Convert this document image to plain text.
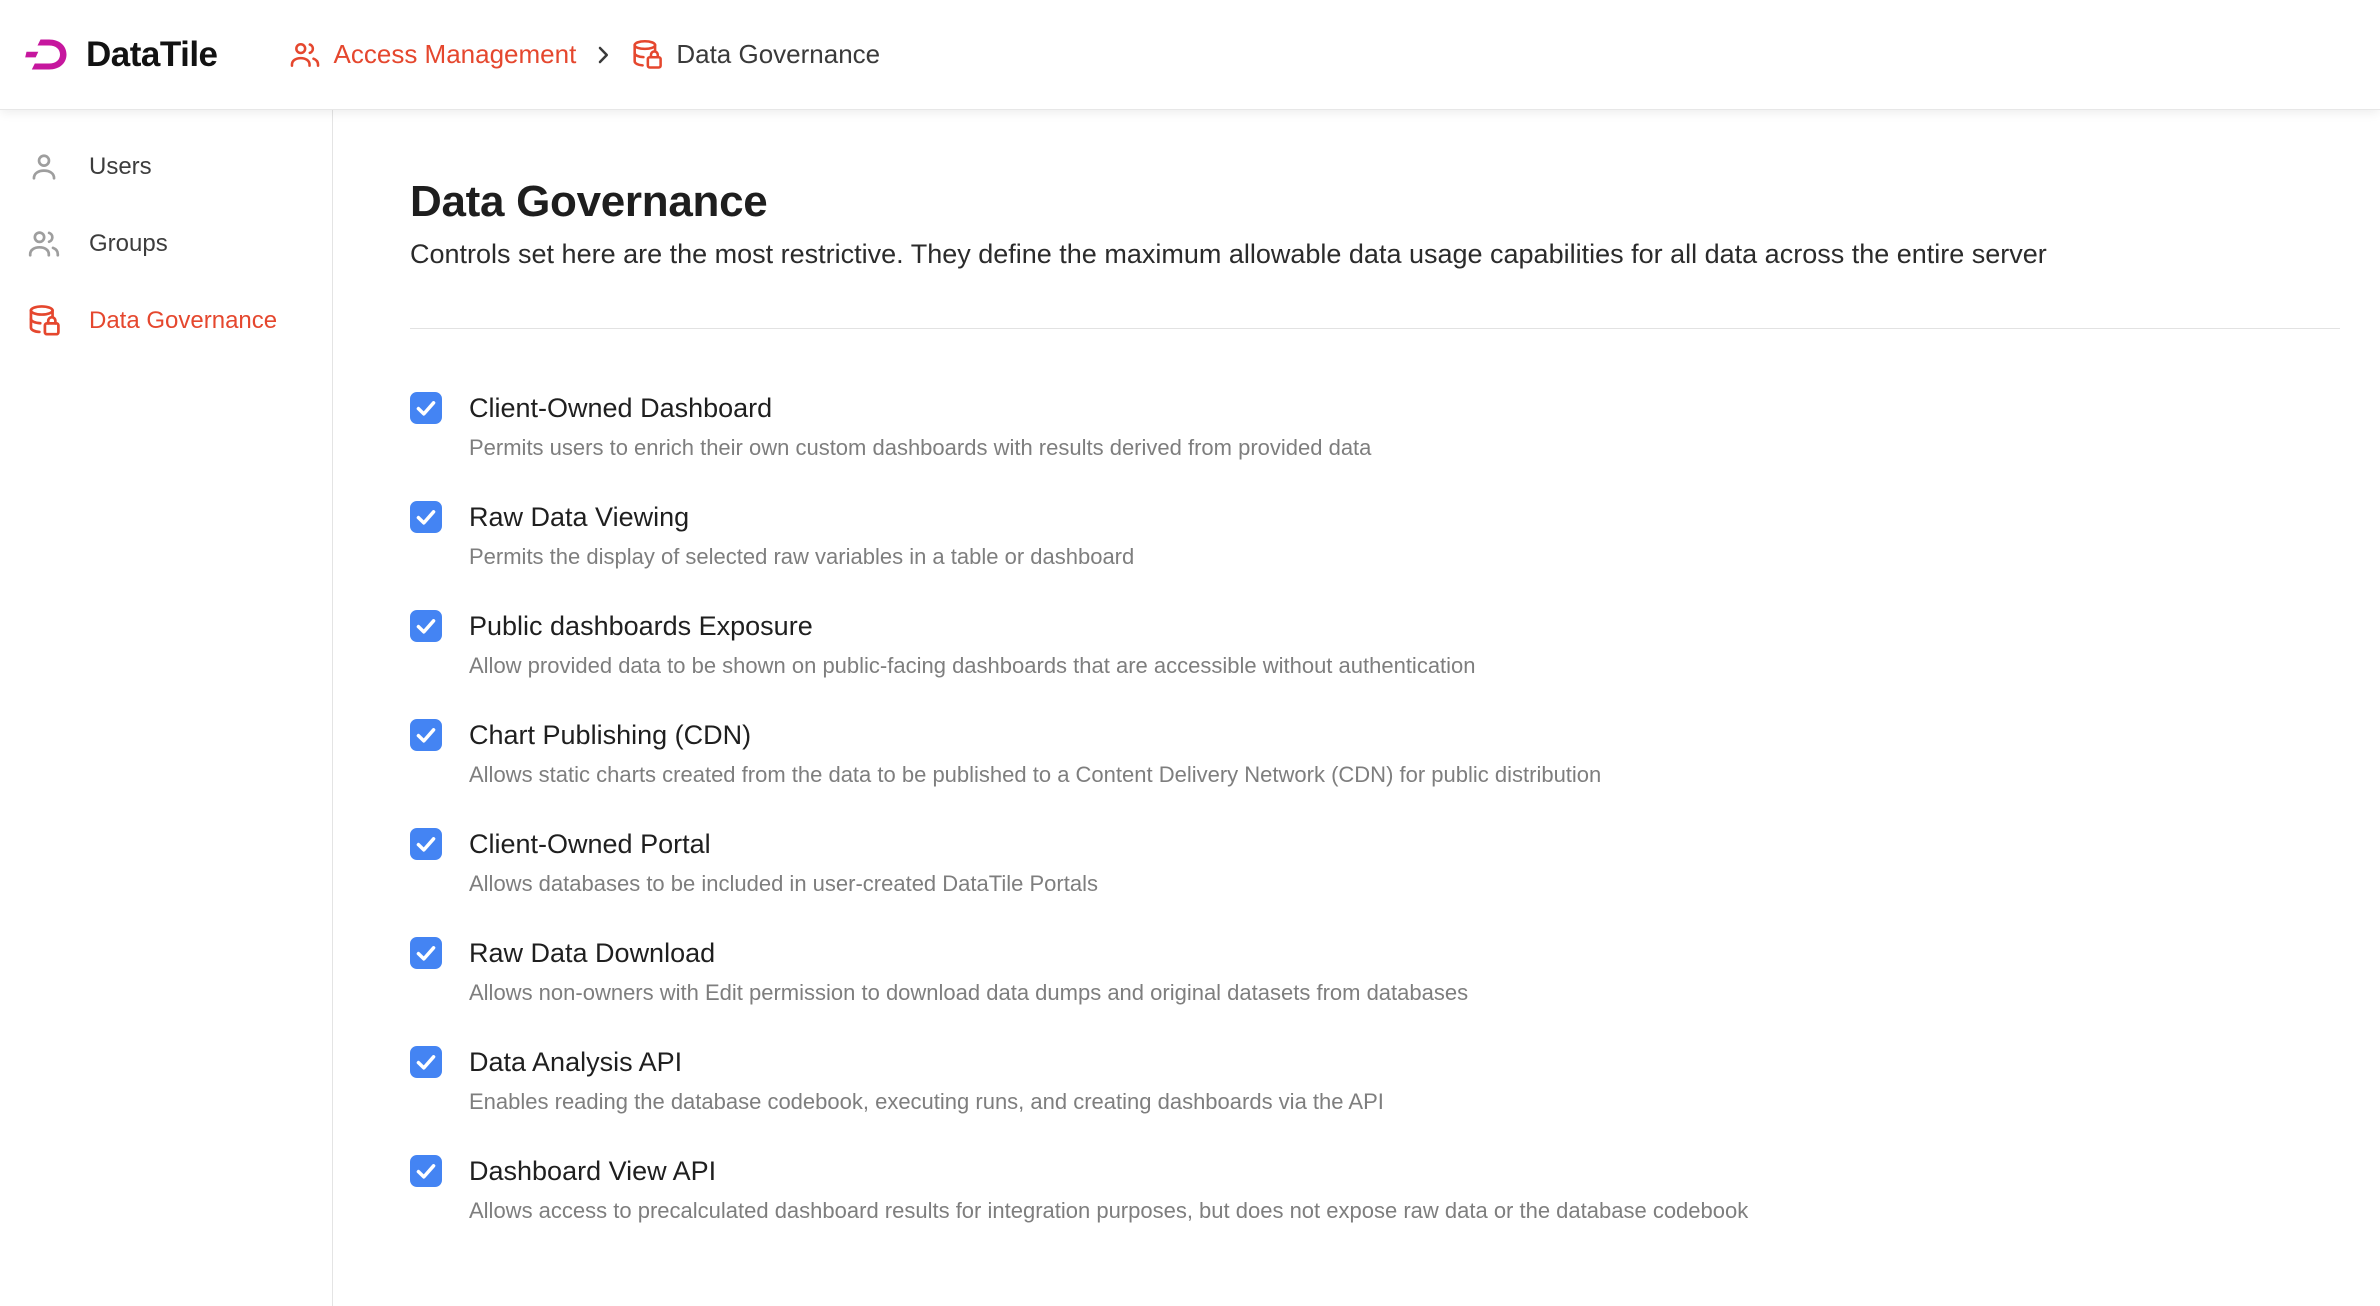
DataTile	Access Management	Data Governance
Users
Groups
Data Governance
Data Governance

Controls set here are the most restrictive. They define the maximum allowable data usage capabilities for all data across the entire server

Client-Owned Dashboard
Permits users to enrich their own custom dashboards with results derived from provided data
Raw Data Viewing
Permits the display of selected raw variables in a table or dashboard
Public dashboards Exposure
Allow provided data to be shown on public-facing dashboards that are accessible without authentication
Chart Publishing (CDN)
Allows static charts created from the data to be published to a Content Delivery Network (CDN) for public distribution
Client-Owned Portal
Allows databases to be included in user-created DataTile Portals
Raw Data Download
Allows non-owners with Edit permission to download data dumps and original datasets from databases
Data Analysis API
Enables reading the database codebook, executing runs, and creating dashboards via the API
Dashboard View API
Allows access to precalculated dashboard results for integration purposes, but does not expose raw data or the database codebook
